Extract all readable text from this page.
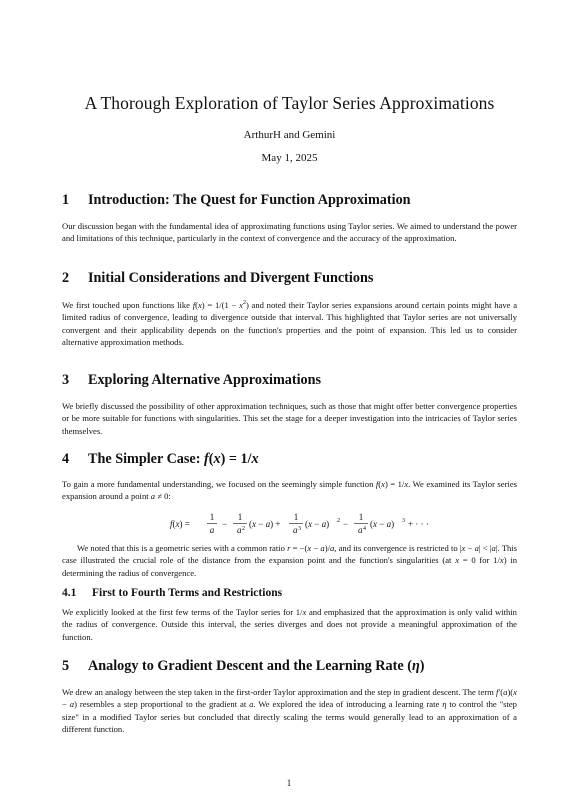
A Thorough Exploration of Taylor Series Approximations
ArthurH and Gemini
May 1, 2025
1 Introduction: The Quest for Function Approximation

Our discussion began with the fundamental idea of approximating functions using Taylor series. We aimed to understand the power and limitations of this technique, particularly in the context of convergence and the accuracy of the approximation.

2 Initial Considerations and Divergent Functions

We first touched upon functions like $f(x) = 1/(1 - x^2)$ and noted their Taylor series expansions around certain points might have a limited radius of convergence, leading to divergence outside that interval. This highlighted that Taylor series are not universally convergent and their applicability depends on the function's properties and the point of expansion. This led us to consider alternative approximation methods.

3 Exploring Alternative Approximations

We briefly discussed the possibility of other approximation techniques, such as those that might offer better convergence properties or be more suitable for functions with singularities. This set the stage for a deeper investigation into the intricacies of Taylor series themselves.

4 The Simpler Case: f(x) = 1/x

To gain a more fundamental understanding, we focused on the seemingly simple function f(x) = 1/x. We examined its Taylor series expansion around a point a ≠ 0:

f(x) =
1
a
−
1
a 2 (x − a) +
1
a 3 (x − a) 2 −
1
a 4 (x − a) 3 + · · ·

We noted that this is a geometric series with a common ratio r = −(x − a)/a, and its convergence is restricted to |x − a| < |a|. This case illustrated the crucial role of the distance from the expansion point and the function's singularities (at x = 0 for 1/x) in determining the radius of convergence.

4.1 First to Fourth Terms and Restrictions

We explicitly looked at the first few terms of the Taylor series for 1/x and emphasized that the approximation is only valid within the radius of convergence. Outside this interval, the series diverges and does not provide a meaningful approximation of the function.

5 Analogy to Gradient Descent and the Learning Rate (η)

We drew an analogy between the step taken in the first-order Taylor approximation and the step in gradient descent. The term f′(a)(x − a) resembles a step proportional to the gradient at a. We explored the idea of introducing a learning rate η to control the "step size" in a modified Taylor series but concluded that directly scaling the terms would generally lead to an approximation of a different function.

1
